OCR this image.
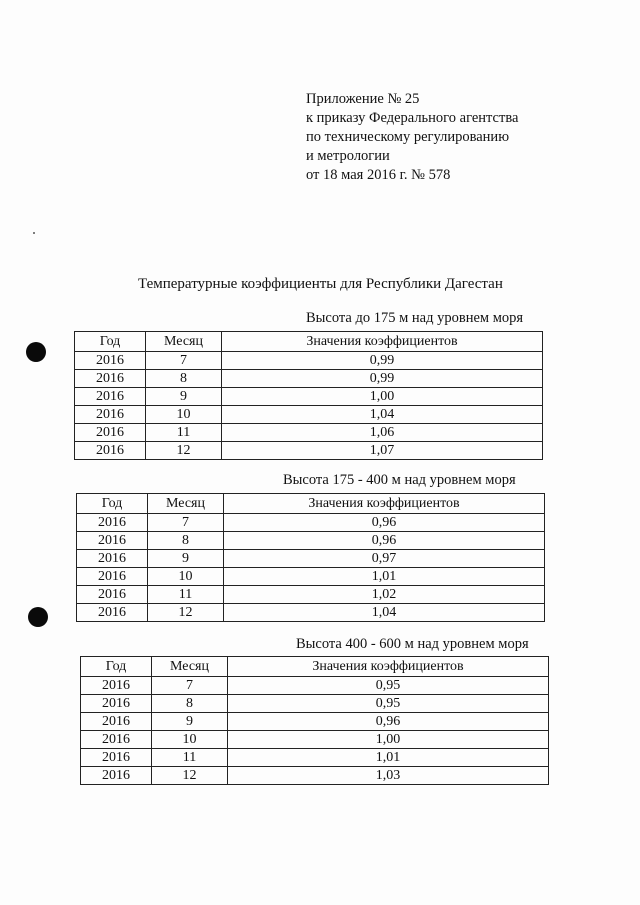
Приложение № 25
к приказу Федерального агентства
по техническому регулированию
и метрологии
от 18 мая 2016 г. № 578
Температурные коэффициенты для Республики Дагестан
Высота до 175 м над уровнем моря
Год	Месяц	Значения коэффициентов
2016	7	0,99
2016	8	0,99
2016	9	1,00
2016	10	1,04
2016	11	1,06
2016	12	1,07
Высота 175 - 400 м над уровнем моря
Год	Месяц	Значения коэффициентов
2016	7	0,96
2016	8	0,96
2016	9	0,97
2016	10	1,01
2016	11	1,02
2016	12	1,04
Высота 400 - 600 м над уровнем моря
Год	Месяц	Значения коэффициентов
2016	7	0,95
2016	8	0,95
2016	9	0,96
2016	10	1,00
2016	11	1,01
2016	12	1,03
